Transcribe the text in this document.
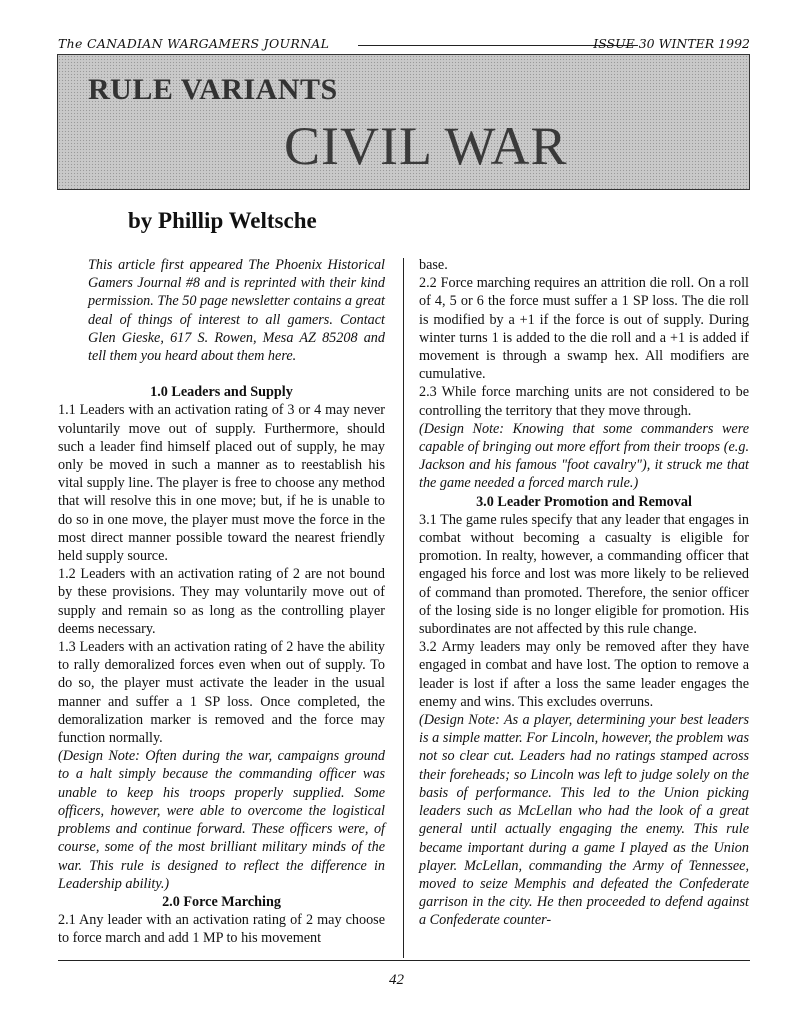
The CANADIAN WARGAMERS JOURNAL	ISSUE 30 WINTER 1992
RULE VARIANTS
CIVIL WAR
by Phillip Weltsche

This article first appeared The Phoenix Historical Gamers Journal #8 and is reprinted with their kind permission. The 50 page newsletter contains a great deal of things of interest to all gamers. Contact Glen Gieske, 617 S. Rowen, Mesa AZ 85208 and tell them you heard about them here.

1.0 Leaders and Supply

1.1 Leaders with an activation rating of 3 or 4 may never voluntarily move out of supply. Furthermore, should such a leader find himself placed out of supply, he may only be moved in such a manner as to reestablish his vital supply line. The player is free to choose any method that will resolve this in one move; but, if he is unable to do so in one move, the player must move the force in the most direct manner possible toward the nearest friendly held supply source.

1.2 Leaders with an activation rating of 2 are not bound by these provisions. They may voluntarily move out of supply and remain so as long as the controlling player deems necessary.

1.3 Leaders with an activation rating of 2 have the ability to rally demoralized forces even when out of supply. To do so, the player must activate the leader in the usual manner and suffer a 1 SP loss. Once completed, the demoralization marker is removed and the force may function normally.

(Design Note: Often during the war, campaigns ground to a halt simply because the commanding officer was unable to keep his troops properly supplied. Some officers, however, were able to overcome the logistical problems and continue forward. These officers were, of course, some of the most brilliant military minds of the war. This rule is designed to reflect the difference in Leadership ability.)

2.0 Force Marching

2.1 Any leader with an activation rating of 2 may choose to force march and add 1 MP to his movement

base.

2.2 Force marching requires an attrition die roll. On a roll of 4, 5 or 6 the force must suffer a 1 SP loss. The die roll is modified by a +1 if the force is out of supply. During winter turns 1 is added to the die roll and a +1 is added if movement is through a swamp hex. All modifiers are cumulative.

2.3 While force marching units are not considered to be controlling the territory that they move through.

(Design Note: Knowing that some commanders were capable of bringing out more effort from their troops (e.g. Jackson and his famous "foot cavalry"), it struck me that the game needed a forced march rule.)

3.0 Leader Promotion and Removal

3.1 The game rules specify that any leader that engages in combat without becoming a casualty is eligible for promotion. In realty, however, a commanding officer that engaged his force and lost was more likely to be relieved of command than promoted. Therefore, the senior officer of the losing side is no longer eligible for promotion. His subordinates are not affected by this rule change.

3.2 Army leaders may only be removed after they have engaged in combat and have lost. The option to remove a leader is lost if after a loss the same leader engages the enemy and wins. This excludes overruns.

(Design Note: As a player, determining your best leaders is a simple matter. For Lincoln, however, the problem was not so clear cut. Leaders had no ratings stamped across their foreheads; so Lincoln was left to judge solely on the basis of performance. This led to the Union picking leaders such as McLellan who had the look of a great general until actually engaging the enemy. This rule became important during a game I played as the Union player. McLellan, commanding the Army of Tennessee, moved to seize Memphis and defeated the Confederate garrison in the city. He then proceeded to defend against a Confederate counter-

42
